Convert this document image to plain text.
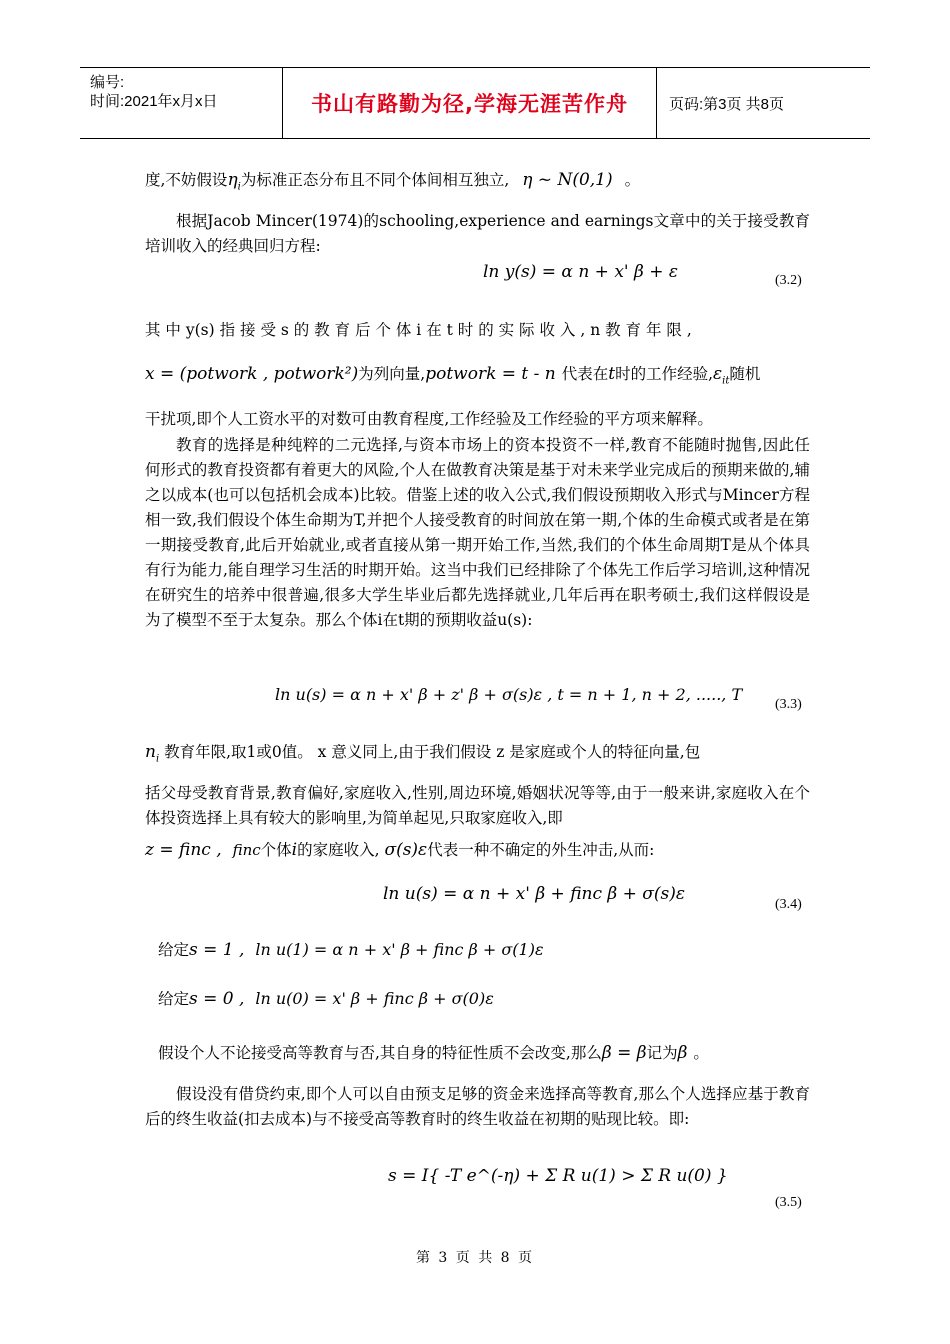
编号:
时间:2021年x月x日	书山有路勤为径,学海无涯苦作舟	页码:第3页 共8页
度,不妨假设$\eta_i$为标准正态分布且不同个体间相互独立, η ~ N(0,1) 。
根据Jacob Mincer(1974)的schooling,experience and earnings文章中的关于接受教育培训收入的经典回归方程:
ln y(s) = α n + x' β + ε	(3.2)
其 中 y(s) 指 接 受 s 的 教 育 后 个 体 i 在 t 时 的 实 际 收 入 , n 教 育 年 限 ,
x = (potwork , potwork²)为列向量,potwork = t - n 代表在t时的工作经验$,\varepsilon_{it}$随机
干扰项,即个人工资水平的对数可由教育程度,工作经验及工作经验的平方项来解释。
教育的选择是种纯粹的二元选择,与资本市场上的资本投资不一样,教育不能随时抛售,因此任何形式的教育投资都有着更大的风险,个人在做教育决策是基于对未来学业完成后的预期来做的,辅之以成本(也可以包括机会成本)比较。借鉴上述的收入公式,我们假设预期收入形式与Mincer方程相一致,我们假设个体生命期为T,并把个人接受教育的时间放在第一期,个体的生命模式或者是在第一期接受教育,此后开始就业,或者直接从第一期开始工作,当然,我们的个体生命周期T是从个体具有行为能力,能自理学习生活的时期开始。这当中我们已经排除了个体先工作后学习培训,这种情况在研究生的培养中很普遍,很多大学生毕业后都先选择就业,几年后再在职考硕士,我们这样假设是为了模型不至于太复杂。那么个体i在t期的预期收益u(s):
ln u(s) = α n + x' β + z' β + σ(s)ε , t = n + 1, n + 2, ....., T
(3.3)
$n_i$ 教育年限,取1或0值。 x 意义同上,由于我们假设 z 是家庭或个人的特征向量,包
括父母受教育背景,教育偏好,家庭收入,性别,周边环境,婚姻状况等等,由于一般来讲,家庭收入在个体投资选择上具有较大的影响里,为简单起见,只取家庭收入,即
z = finc , finc个体i的家庭收入, σ(s)ε代表一种不确定的外生冲击,从而:
ln u(s) = α n + x' β + finc β + σ(s)ε
(3.4)
给定s = 1 , ln u(1) = α n + x' β + finc β + σ(1)ε
给定s = 0 , ln u(0) = x' β + finc β + σ(0)ε
假设个人不论接受高等教育与否,其自身的特征性质不会改变,那么β = β记为β 。
假设没有借贷约束,即个人可以自由预支足够的资金来选择高等教育,那么个人选择应基于教育后的终生收益(扣去成本)与不接受高等教育时的终生收益在初期的贴现比较。即:
s = I{ -T e^(-η) + Σ R u(1) > Σ R u(0) }
(3.5)
第 3 页 共 8 页
